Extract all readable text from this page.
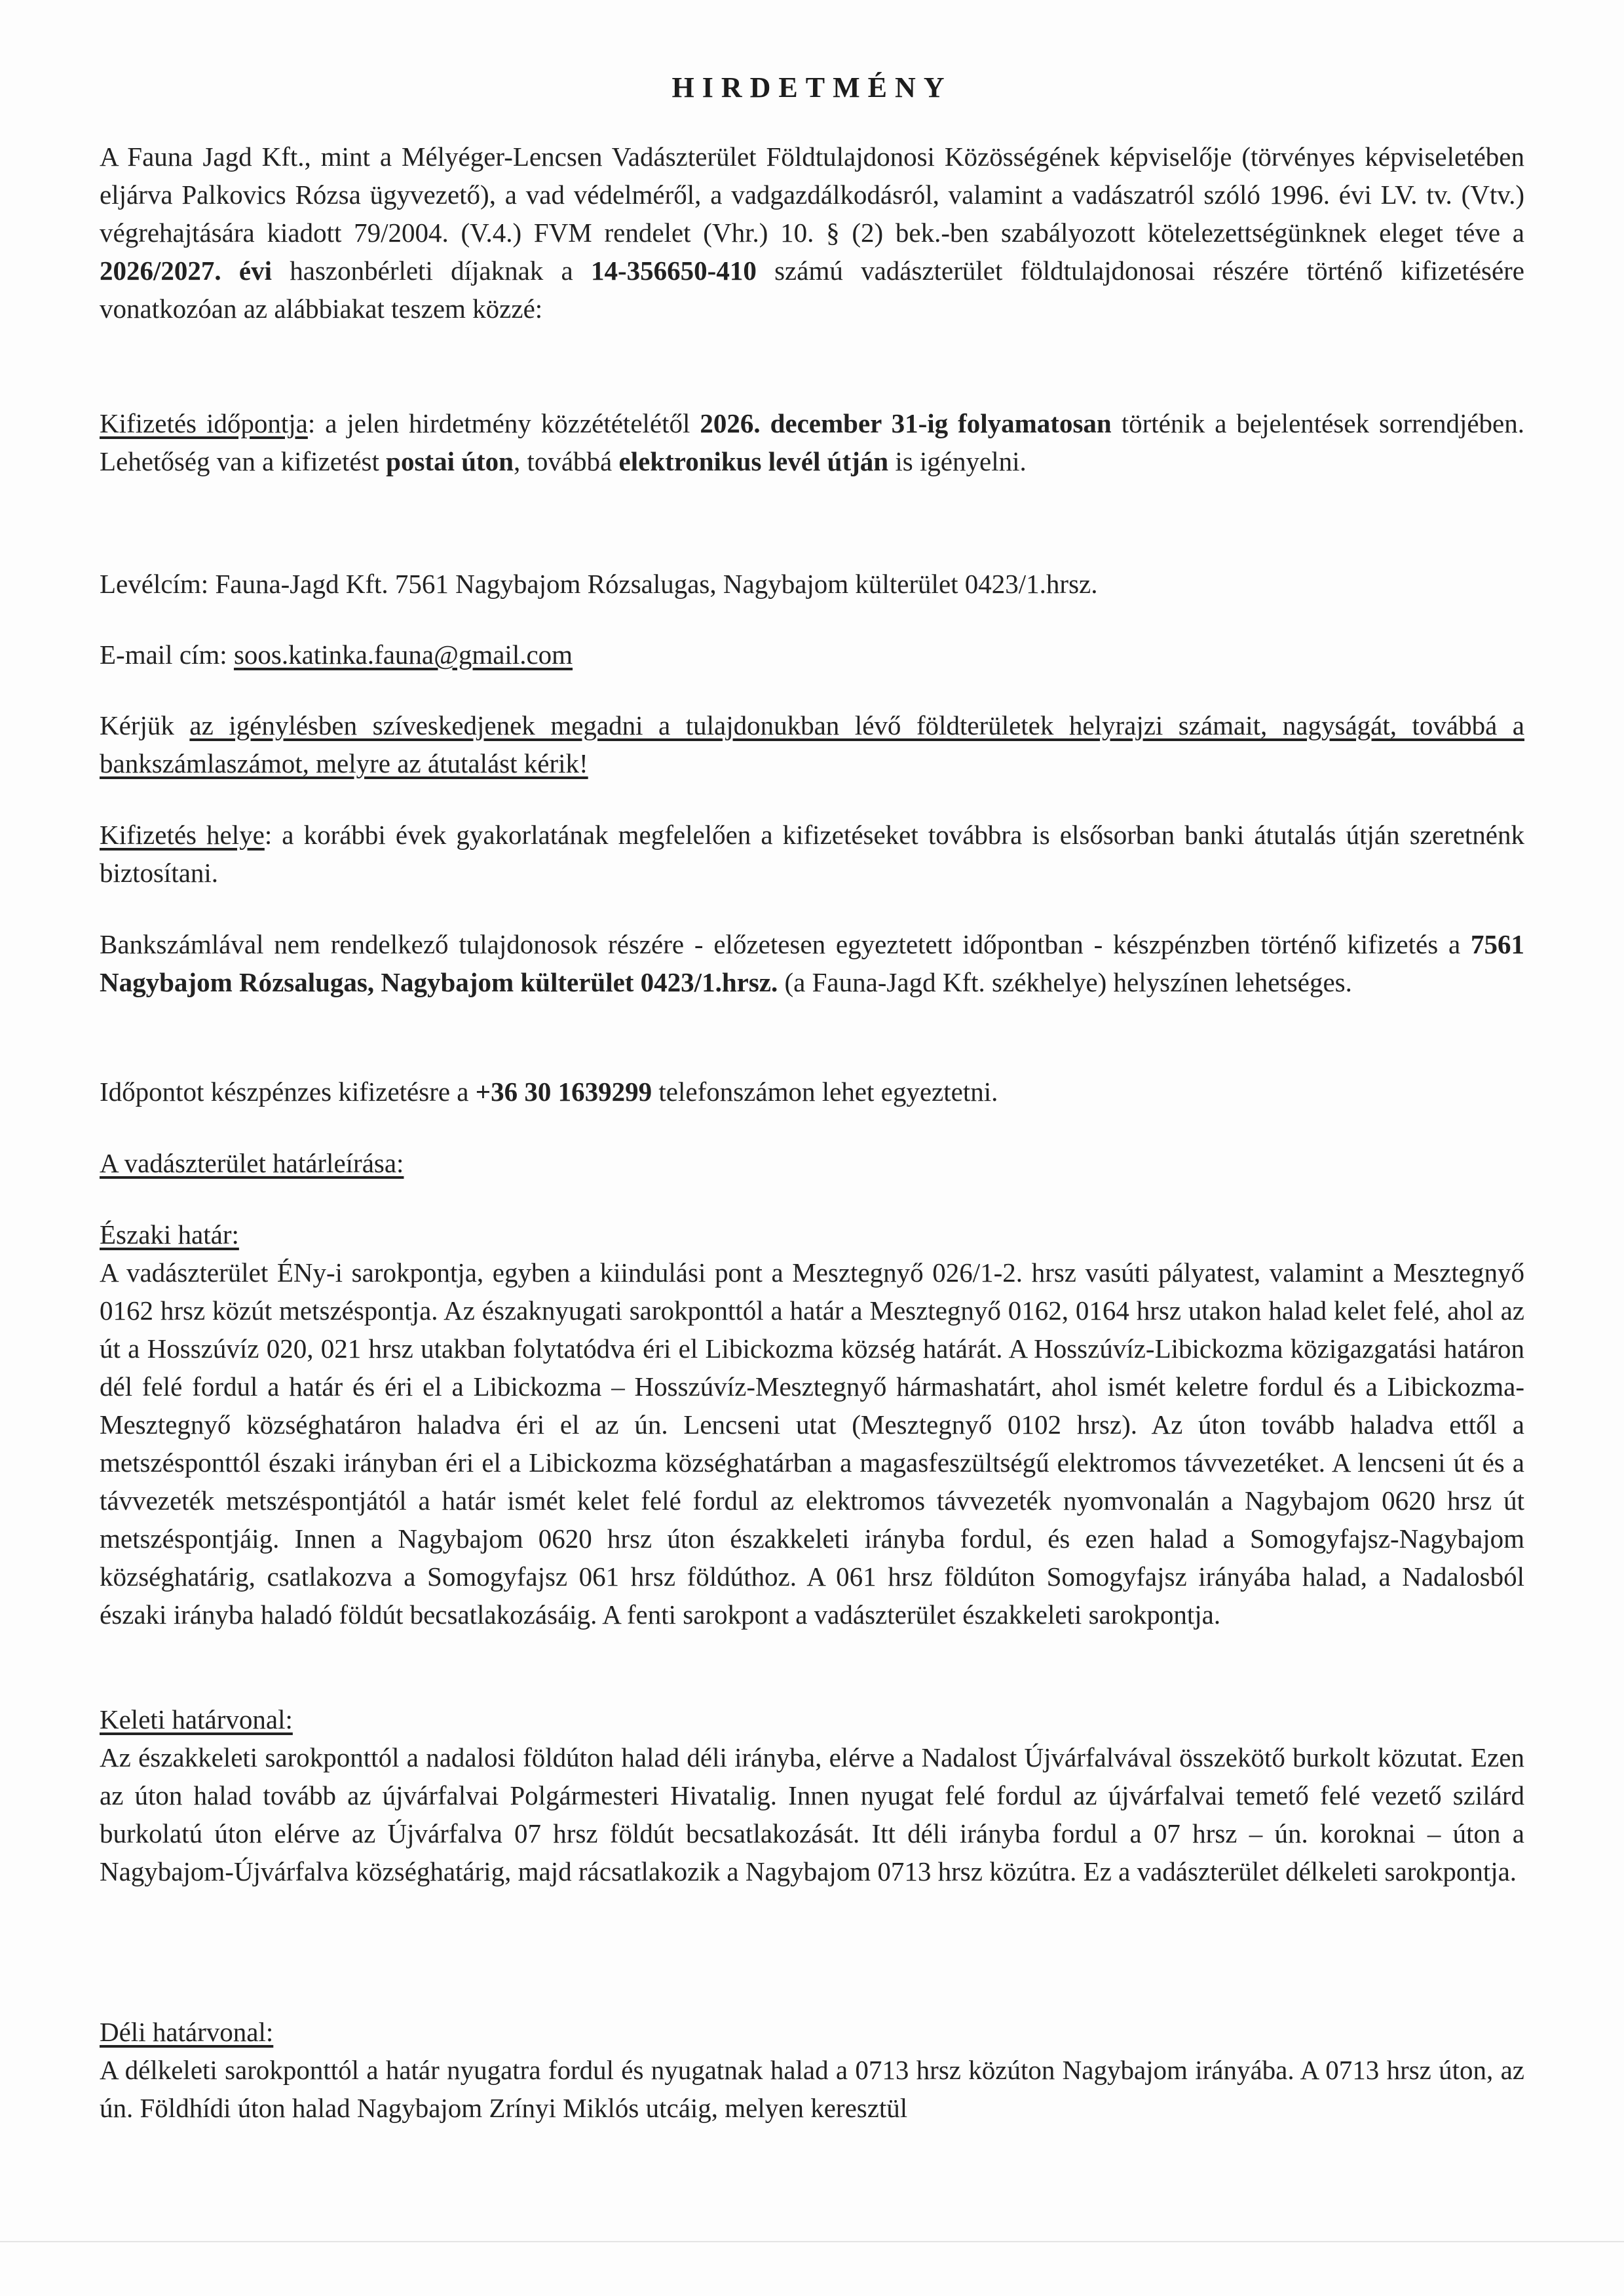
HIRDETMÉNY
A Fauna Jagd Kft., mint a Mélyéger-Lencsen Vadászterület Földtulajdonosi Közösségének képviselője (törvényes képviseletében eljárva Palkovics Rózsa ügyvezető), a vad védelméről, a vadgazdálkodásról, valamint a vadászatról szóló 1996. évi LV. tv. (Vtv.) végrehajtására kiadott 79/2004. (V.4.) FVM rendelet (Vhr.) 10. § (2) bek.-ben szabályozott kötelezettségünknek eleget téve a 2026/2027. évi haszonbérleti díjaknak a 14-356650-410 számú vadászterület földtulajdonosai részére történő kifizetésére vonatkozóan az alábbiakat teszem közzé:
Kifizetés időpontja: a jelen hirdetmény közzétételétől 2026. december 31-ig folyamatosan történik a bejelentések sorrendjében. Lehetőség van a kifizetést postai úton, továbbá elektronikus levél útján is igényelni.
Levélcím: Fauna-Jagd Kft. 7561 Nagybajom Rózsalugas, Nagybajom külterület 0423/1.hrsz.
E-mail cím: soos.katinka.fauna@gmail.com
Kérjük az igénylésben szíveskedjenek megadni a tulajdonukban lévő földterületek helyrajzi számait, nagyságát, továbbá a bankszámlaszámot, melyre az átutalást kérik!
Kifizetés helye: a korábbi évek gyakorlatának megfelelően a kifizetéseket továbbra is elsősorban banki átutalás útján szeretnénk biztosítani.
Bankszámlával nem rendelkező tulajdonosok részére - előzetesen egyeztetett időpontban - készpénzben történő kifizetés a 7561 Nagybajom Rózsalugas, Nagybajom külterület 0423/1.hrsz. (a Fauna-Jagd Kft. székhelye) helyszínen lehetséges.
Időpontot készpénzes kifizetésre a +36 30 1639299 telefonszámon lehet egyeztetni.
A vadászterület határleírása:
Északi határ:
A vadászterület ÉNy-i sarokpontja, egyben a kiindulási pont a Mesztegnyő 026/1-2. hrsz vasúti pályatest, valamint a Mesztegnyő 0162 hrsz közút metszéspontja. Az északnyugati sarokponttól a határ a Mesztegnyő 0162, 0164 hrsz utakon halad kelet felé, ahol az út a Hosszúvíz 020, 021 hrsz utakban folytatódva éri el Libickozma község határát. A Hosszúvíz-Libickozma közigazgatási határon dél felé fordul a határ és éri el a Libickozma – Hosszúvíz-Mesztegnyő hármashatárt, ahol ismét keletre fordul és a Libickozma-Mesztegnyő községhatáron haladva éri el az ún. Lencseni utat (Mesztegnyő 0102 hrsz). Az úton tovább haladva ettől a metszésponttól északi irányban éri el a Libickozma községhatárban a magasfeszültségű elektromos távvezetéket. A lencseni út és a távvezeték metszéspontjától a határ ismét kelet felé fordul az elektromos távvezeték nyomvonalán a Nagybajom 0620 hrsz út metszéspontjáig. Innen a Nagybajom 0620 hrsz úton északkeleti irányba fordul, és ezen halad a Somogyfajsz-Nagybajom községhatárig, csatlakozva a Somogyfajsz 061 hrsz földúthoz. A 061 hrsz földúton Somogyfajsz irányába halad, a Nadalosból északi irányba haladó földút becsatlakozásáig. A fenti sarokpont a vadászterület északkeleti sarokpontja.
Keleti határvonal:
Az északkeleti sarokponttól a nadalosi földúton halad déli irányba, elérve a Nadalost Újvárfalvával összekötő burkolt közutat. Ezen az úton halad tovább az újvárfalvai Polgármesteri Hivatalig. Innen nyugat felé fordul az újvárfalvai temető felé vezető szilárd burkolatú úton elérve az Újvárfalva 07 hrsz földút becsatlakozását. Itt déli irányba fordul a 07 hrsz – ún. koroknai – úton a Nagybajom-Újvárfalva községhatárig, majd rácsatlakozik a Nagybajom 0713 hrsz közútra. Ez a vadászterület délkeleti sarokpontja.
Déli határvonal:
A délkeleti sarokponttól a határ nyugatra fordul és nyugatnak halad a 0713 hrsz közúton Nagybajom irányába. A 0713 hrsz úton, az ún. Földhídi úton halad Nagybajom Zrínyi Miklós utcáig, melyen keresztül
